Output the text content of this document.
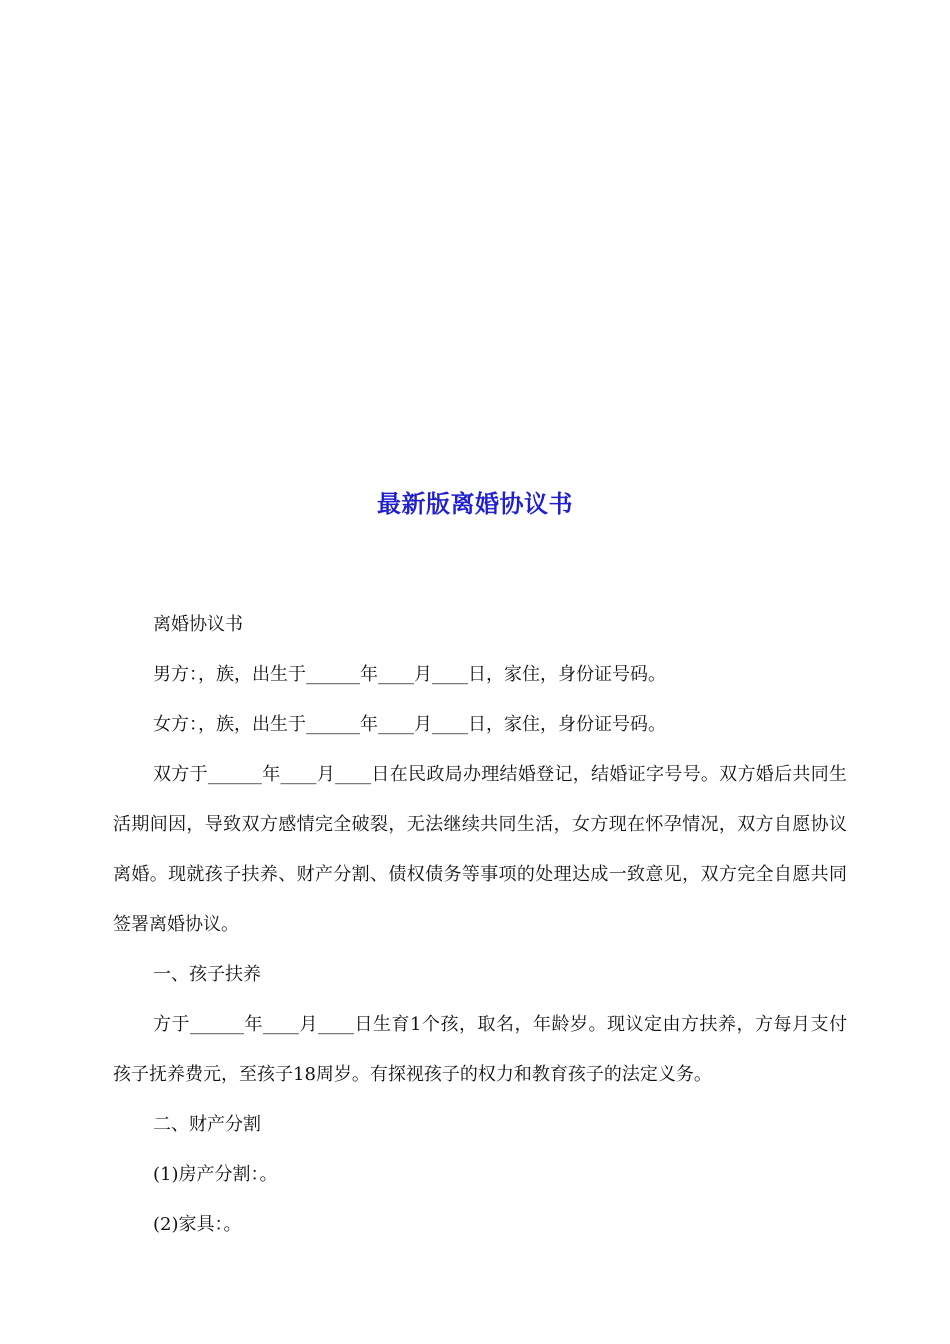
最新版离婚协议书

离婚协议书

男方：，族，出生于______年____月____日，家住，身份证号码。

女方：，族，出生于______年____月____日，家住，身份证号码。

双方于______年____月____日在民政局办理结婚登记，结婚证字号号。双方婚后共同生活期间因，导致双方感情完全破裂，无法继续共同生活，女方现在怀孕情况，双方自愿协议离婚。现就孩子扶养、财产分割、债权债务等事项的处理达成一致意见，双方完全自愿共同签署离婚协议。

一、孩子扶养

方于______年____月____日生育1个孩，取名，年龄岁。现议定由方扶养，方每月支付孩子抚养费元，至孩子18周岁。有探视孩子的权力和教育孩子的法定义务。

二、财产分割

(1)房产分割：。

(2)家具：。
